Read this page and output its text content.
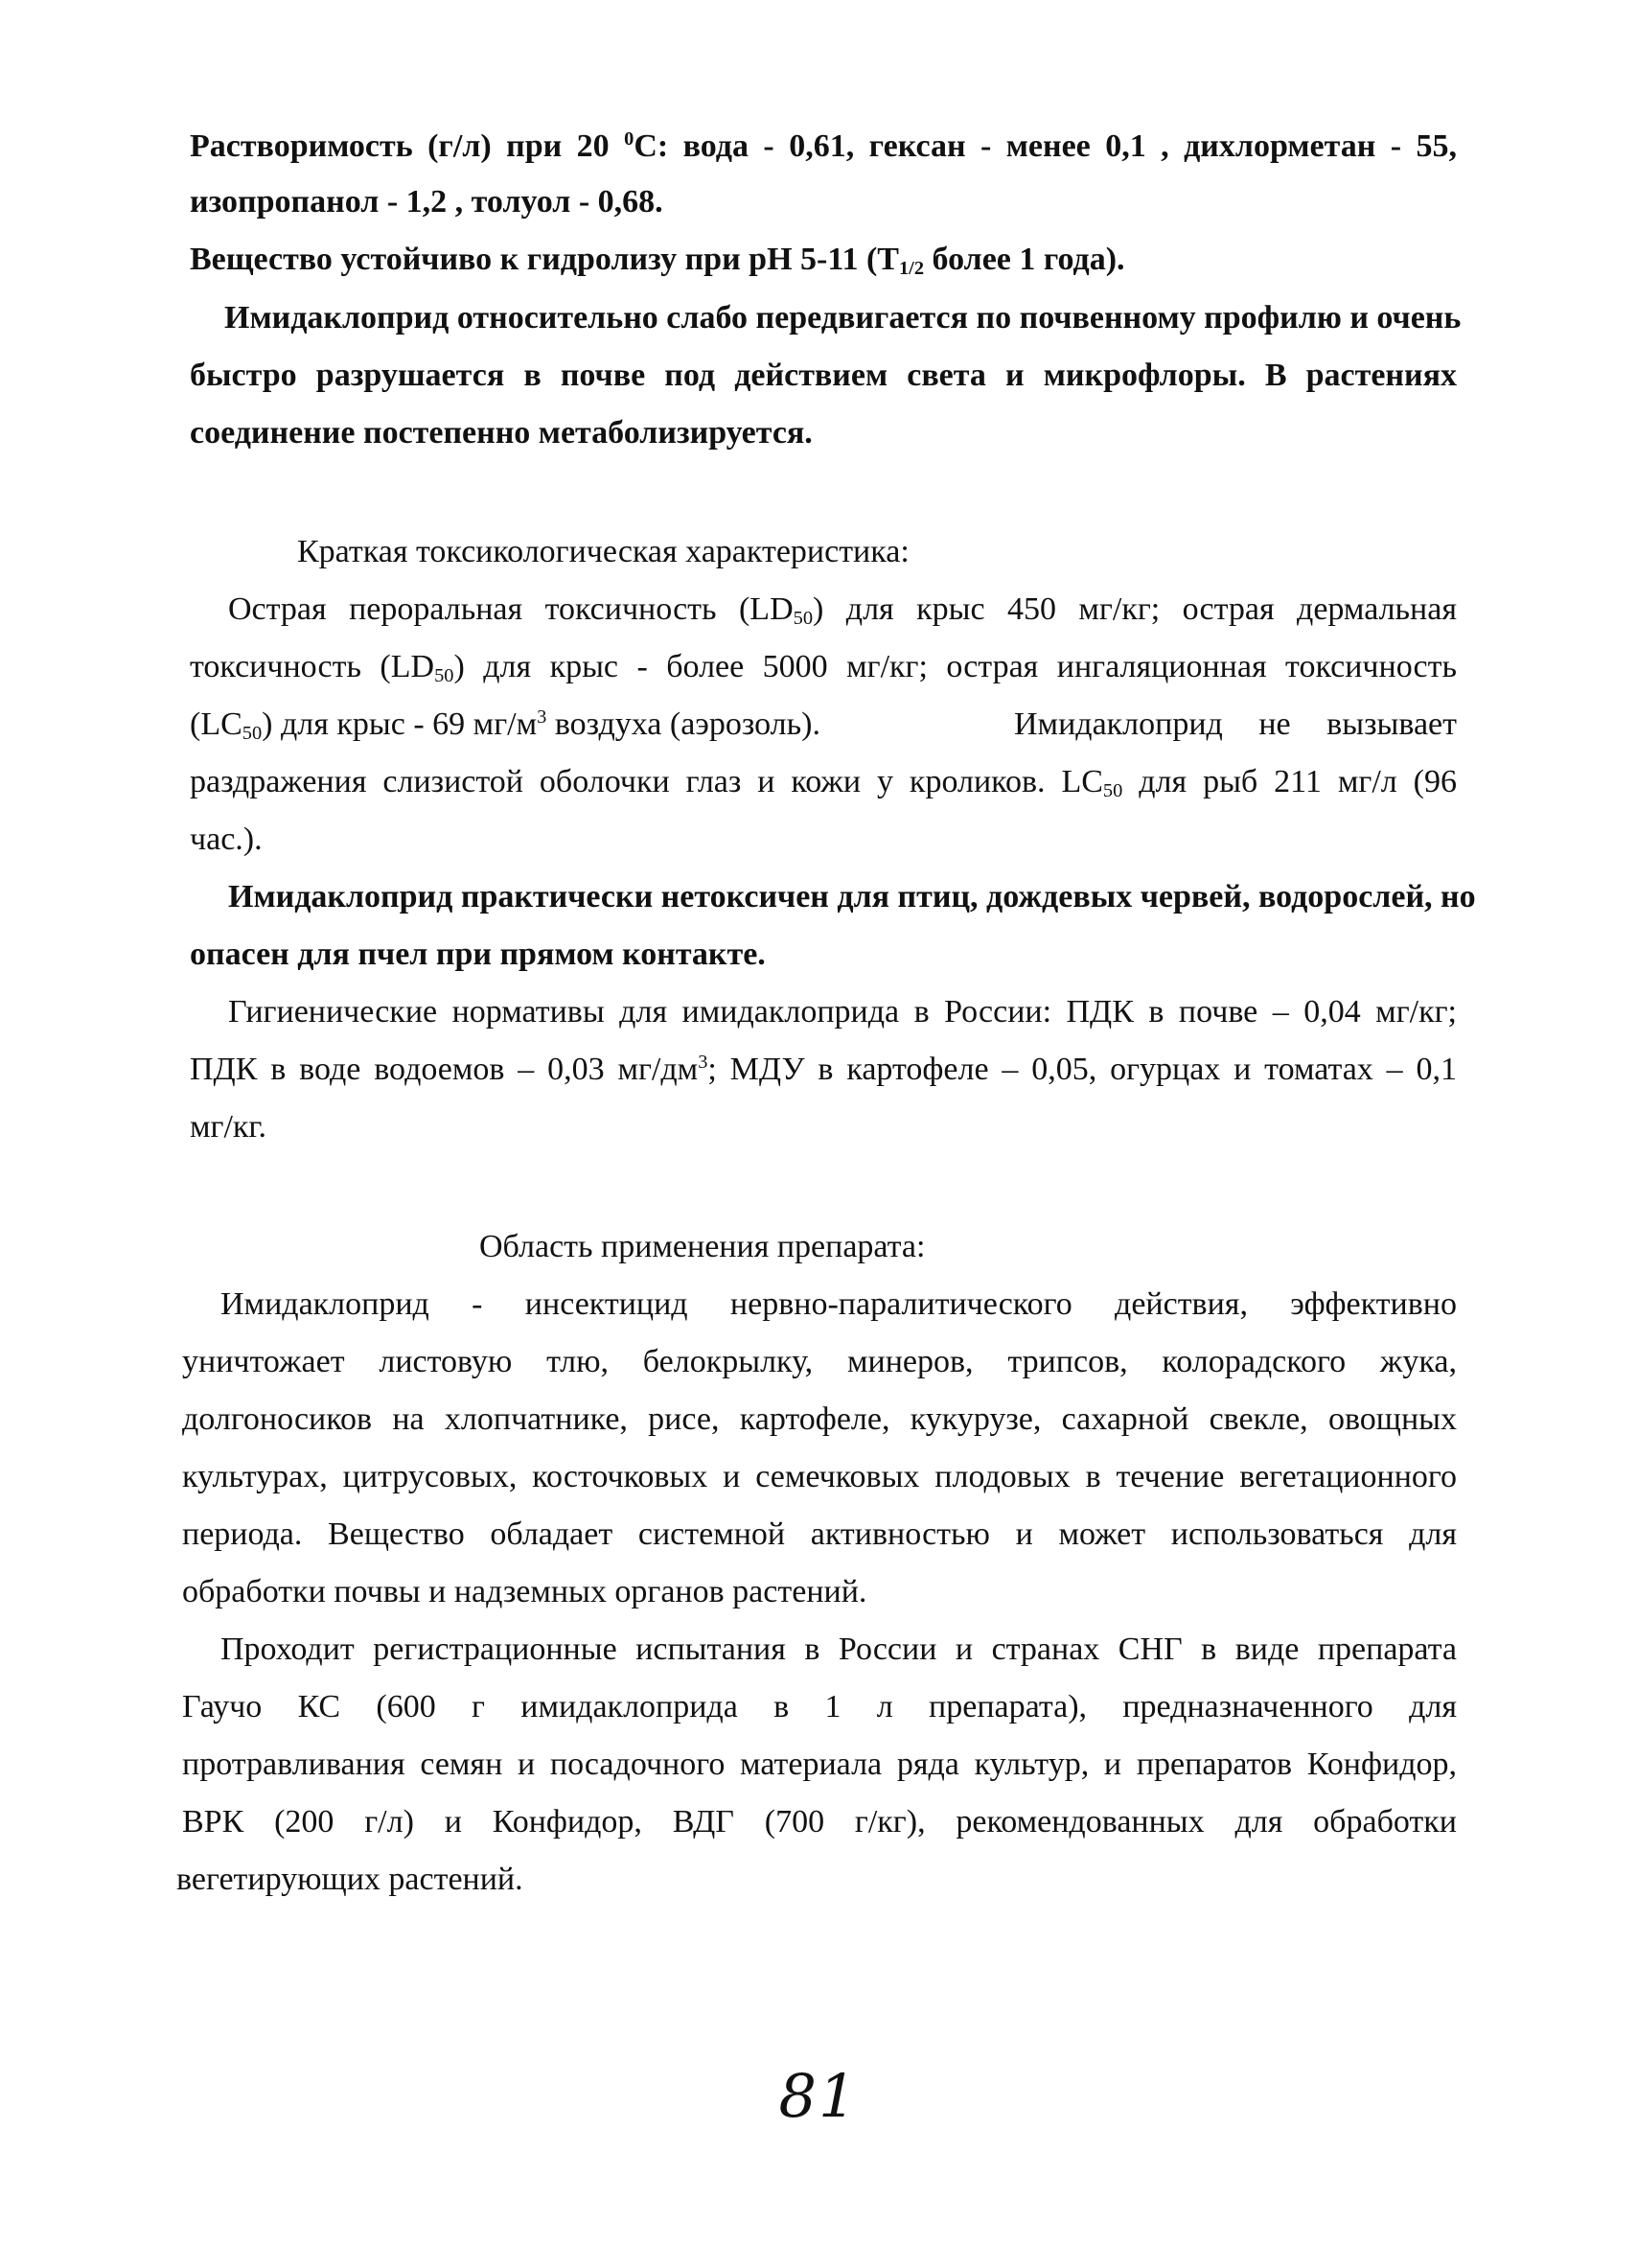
Растворимость (г/л) при 20 $^0$С: вода - 0,61, гексан - менее 0,1 , дихлорметан - 55,

изопропанол - 1,2 , толуол - 0,68.

Вещество устойчиво к гидролизу при pH 5-11 ($T_{1/2}$ более 1 года).

Имидаклоприд относительно слабо передвигается по почвенному профилю и очень

быстро разрушается в почве под действием света и микрофлоры. В растениях

соединение постепенно метаболизируется.

Краткая токсикологическая характеристика:

Острая пероральная токсичность $(LD_{50})$ для крыс 450 мг/кг; острая дермальная

токсичность $(LD_{50})$ для крыс - более 5000 мг/кг; острая ингаляционная токсичность

$(LC_{50})$ для крыс - 69 $мг/м^3$ воздуха (аэрозоль).	Имидаклоприд не вызывает

раздражения слизистой оболочки глаз и кожи у кроликов. $LC_{50}$ для рыб 211 мг/л (96

час.).

Имидаклоприд практически нетоксичен для птиц, дождевых червей, водорослей, но

опасен для пчел при прямом контакте.

Гигиенические нормативы для имидаклоприда в России: ПДК в почве – 0,04 мг/кг;

ПДК в воде водоемов – 0,03 $мг/дм^3$; МДУ в картофеле – 0,05, огурцах и томатах – 0,1

мг/кг.

Область применения препарата:

Имидаклоприд - инсектицид нервно-паралитического действия, эффективно

уничтожает листовую тлю, белокрылку, минеров, трипсов, колорадского жука,

долгоносиков на хлопчатнике, рисе, картофеле, кукурузе, сахарной свекле, овощных

культурах, цитрусовых, косточковых и семечковых плодовых в течение вегетационного

периода. Вещество обладает системной активностью и может использоваться для

обработки почвы и надземных органов растений.

Проходит регистрационные испытания в России и странах СНГ в виде препарата

Гаучо КС (600 г имидаклоприда в 1 л препарата), предназначенного для

протравливания семян и посадочного материала ряда культур, и препаратов Конфидор,

ВРК (200 г/л) и Конфидор, ВДГ (700 г/кг), рекомендованных для обработки

вегетирующих растений.

81
